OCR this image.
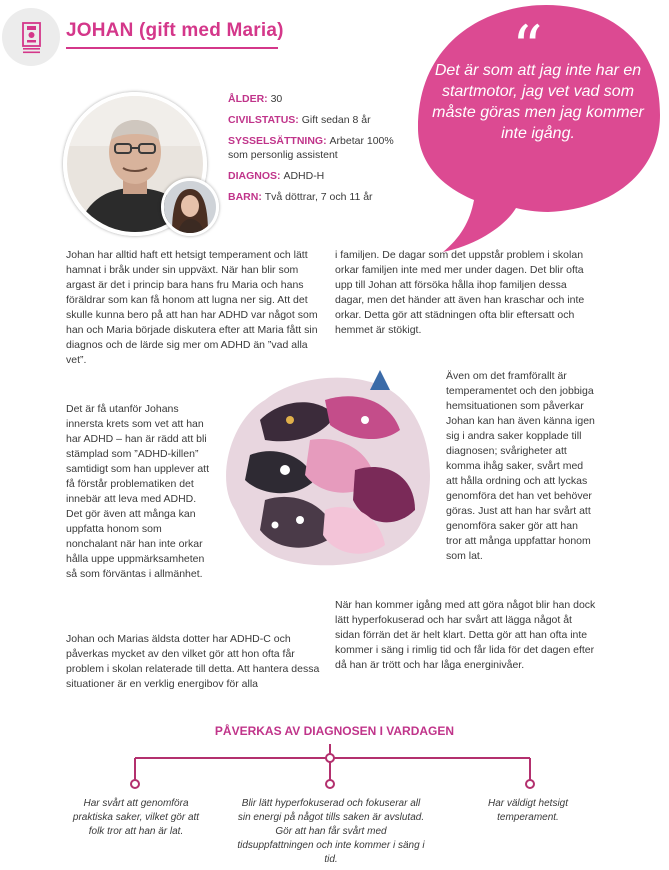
JOHAN (gift med Maria)	“
Det är som att jag inte har en startmotor, jag vet vad som måste göras men jag kommer inte igång.
ÅLDER: 30
CIVILSTATUS: Gift sedan 8 år
SYSSELSÄTTNING: Arbetar 100% som personlig assistent
DIAGNOS: ADHD-H
BARN: Två döttrar, 7 och 11 år

Johan har alltid haft ett hetsigt temperament och lätt hamnat i bråk under sin uppväxt. När han blir som argast är det i princip bara hans fru Maria och hans föräldrar som kan få honom att lugna ner sig. Att det skulle kunna bero på att han har ADHD var något som han och Maria började diskutera efter att Maria fått sin diagnos och de lärde sig mer om ADHD än ”vad alla vet”.

Det är få utanför Johans innersta krets som vet att han har ADHD – han är rädd att bli stämplad som ”ADHD-killen” samtidigt som han upplever att få förstår problematiken det innebär att leva med ADHD. Det gör även att många kan uppfatta honom som nonchalant när han inte orkar hålla uppe uppmärksamheten så som förväntas i allmänhet.

Johan och Marias äldsta dotter har ADHD-C och påverkas mycket av den vilket gör att hon ofta får problem i skolan relaterade till detta. Att hantera dessa situationer är en verklig energibov för alla

i familjen. De dagar som det uppstår problem i skolan orkar familjen inte med mer under dagen. Det blir ofta upp till Johan att försöka hålla ihop familjen dessa dagar, men det händer att även han kraschar och inte orkar. Detta gör att städningen ofta blir eftersatt och hemmet är stökigt.

Även om det framförallt är temperamentet och den jobbiga hemsituationen som påverkar Johan kan han även känna igen sig i andra saker kopplade till diagnosen; svårigheter att komma ihåg saker, svårt med att hålla ordning och att lyckas genomföra det han vet behöver göras. Just att han har svårt att genomföra saker gör att han tror att många uppfattar honom som lat.

När han kommer igång med att göra något blir han dock lätt hyperfokuserad och har svårt att lägga något åt sidan förrän det är helt klart. Detta gör att han ofta inte kommer i säng i rimlig tid och får lida för det dagen efter då han är trött och har låga energinivåer.

PÅVERKAS AV DIAGNOSEN I VARDAGEN
Har svårt att genomföra praktiska saker, vilket gör att folk tror att han är lat.
Blir lätt hyperfokuserad och fokuserar all sin energi på något tills saken är avslutad. Gör att han får svårt med tidsuppfattningen och inte kommer i säng i tid.
Har väldigt hetsigt temperament.
